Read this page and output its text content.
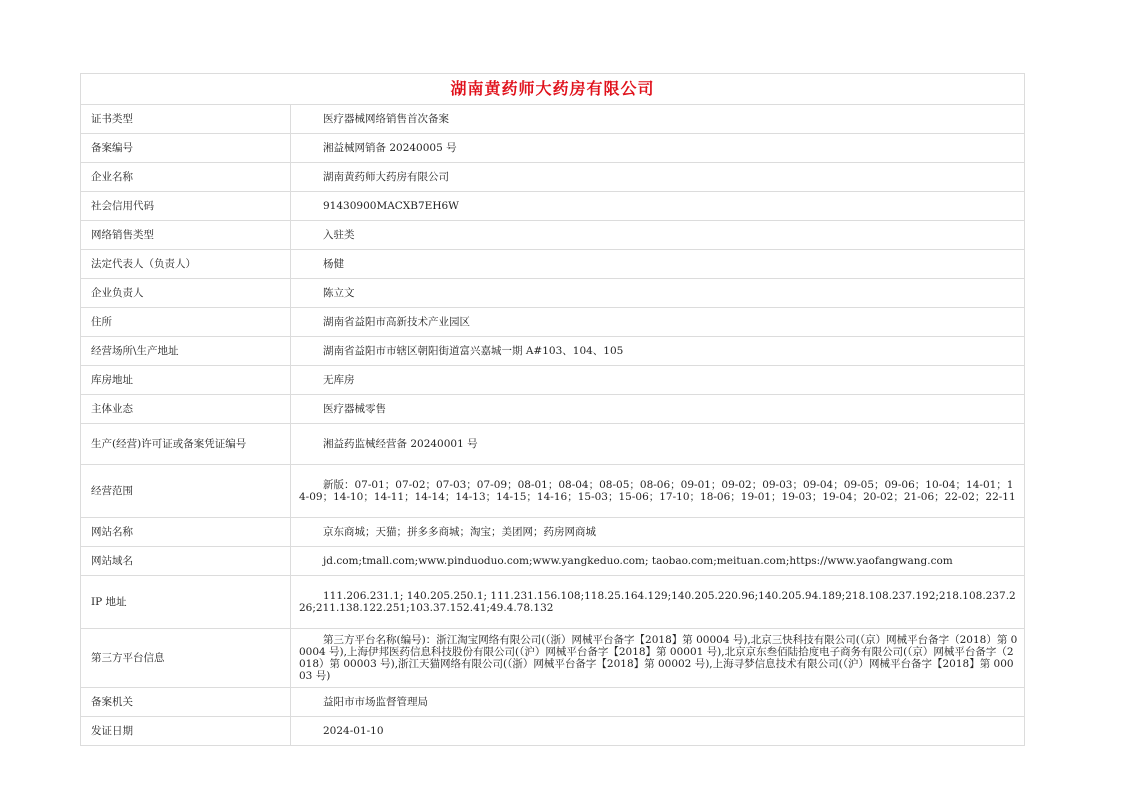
湖南黄药师大药房有限公司	
证书类型	医疗器械网络销售首次备案
备案编号	湘益械网销备 20240005 号
企业名称	湖南黄药师大药房有限公司
社会信用代码	91430900MACXB7EH6W
网络销售类型	入驻类
法定代表人（负责人）	杨健
企业负责人	陈立文
住所	湖南省益阳市高新技术产业园区
经营场所\生产地址	湖南省益阳市市辖区朝阳街道富兴嘉城一期 A#103、104、105
库房地址	无库房
主体业态	医疗器械零售
生产(经营)许可证或备案凭证编号	湘益药监械经营备 20240001 号
经营范围	新版：07-01；07-02；07-03；07-09；08-01；08-04；08-05；08-06；09-01；09-02；09-03；09-04；09-05；09-06；10-04；14-01；14-09；14-10；14-11；14-14；14-13；14-15；14-16；15-03；15-06；17-10；18-06；19-01；19-03；19-04；20-02；21-06；22-02；22-11
网站名称	京东商城；天猫；拼多多商城；淘宝；美团网；药房网商城
网站域名	jd.com;tmall.com;www.pinduoduo.com;www.yangkeduo.com; taobao.com;meituan.com;https://www.yaofangwang.com
IP 地址	111.206.231.1; 140.205.250.1; 111.231.156.108;118.25.164.129;140.205.220.96;140.205.94.189;218.108.237.192;218.108.237.226;211.138.122.251;103.37.152.41;49.4.78.132
第三方平台信息	第三方平台名称(编号)：浙江淘宝网络有限公司(（浙）网械平台备字【2018】第 00004 号),北京三快科技有限公司(（京）网械平台备字（2018）第 00004 号),上海伊邦医药信息科技股份有限公司(（沪）网械平台备字【2018】第 00001 号),北京京东叁佰陆拾度电子商务有限公司(（京）网械平台备字（2018）第 00003 号),浙江天猫网络有限公司(（浙）网械平台备字【2018】第 00002 号),上海寻梦信息技术有限公司(（沪）网械平台备字【2018】第 00003 号)
备案机关	益阳市市场监督管理局
发证日期	2024-01-10
